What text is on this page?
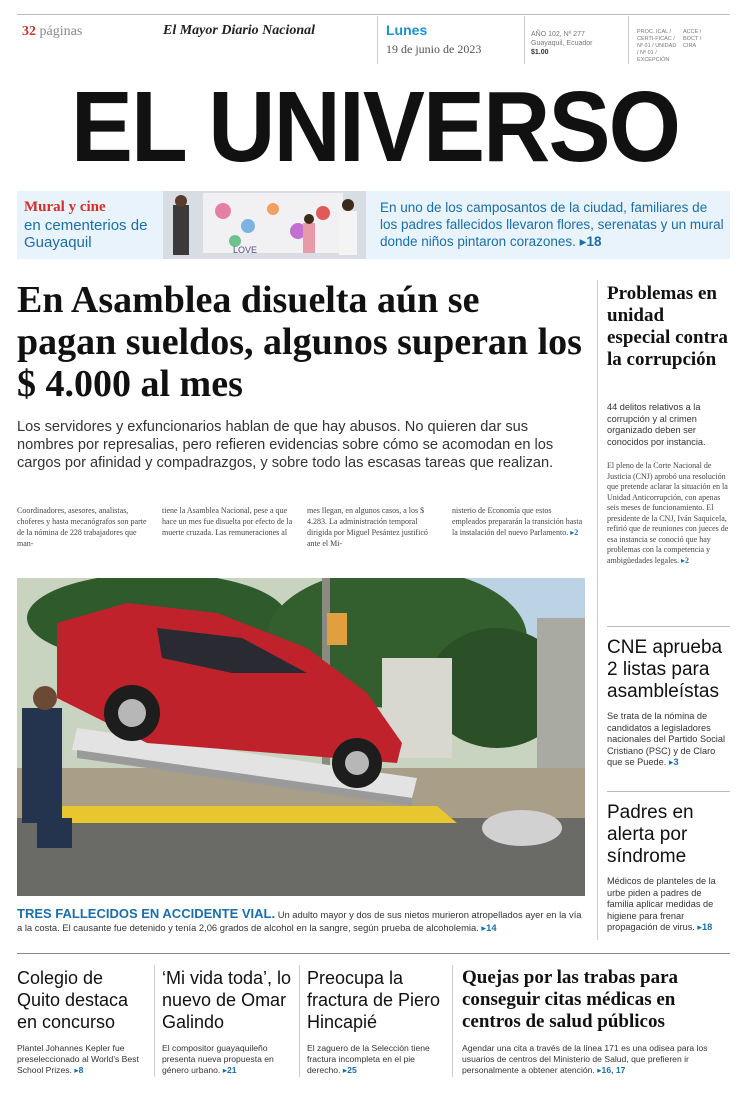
32 páginas	El Mayor Diario Nacional	Lunes
19 de junio de 2023
AÑO 102, Nº 277
Guayaquil, Ecuador
$1.00
PROC. ICAL / CERTI-FICAC / Nº 01 / UNIDAD / Nº 01 / EXCEPCIÓN
ACCE / BOCT / CIRA
EL UNIVERSO
Mural y cine
en cementerios de Guayaquil	LOVE
En uno de los camposantos de la ciudad, familiares de los padres fallecidos llevaron flores, serenatas y un mural donde niños pintaron corazones. ▸18
En Asamblea disuelta aún se pagan sueldos, algunos superan los $ 4.000 al mes
Los servidores y exfuncionarios hablan de que hay abusos. No quieren dar sus nombres por represalias, pero refieren evidencias sobre cómo se acomodan en los cargos por afinidad y compadrazgos, y sobre todo las escasas tareas que realizan.
Coordinadores, asesores, analistas, choferes y hasta mecanógrafos son parte de la nómina de 228 trabajadores que man-
tiene la Asamblea Nacional, pese a que hace un mes fue disuelta por efecto de la muerte cruzada. Las remuneraciones al
mes llegan, en algunos casos, a los $ 4.283. La administración temporal dirigida por Miguel Pesántez justificó ante el Mi-
nisterio de Economía que estos empleados prepararán la transición hasta la instalación del nuevo Parlamento. ▸2
TRES FALLECIDOS EN ACCIDENTE VIAL. Un adulto mayor y dos de sus nietos murieron atropellados ayer en la vía a la costa. El causante fue detenido y tenía 2,06 grados de alcohol en la sangre, según prueba de alcoholemia. ▸14
Problemas en unidad especial contra la corrupción
44 delitos relativos a la corrupción y al crimen organizado deben ser conocidos por instancia.
El pleno de la Corte Nacional de Justicia (CNJ) aprobó una resolución que pretende aclarar la situación en la Unidad Anticorrupción, con apenas seis meses de funcionamiento. El presidente de la CNJ, Iván Saquicela, refirió que de reuniones con jueces de esa instancia se conoció que hay problemas con la competencia y ambigüedades legales. ▸2
CNE aprueba 2 listas para asambleístas
Se trata de la nómina de candidatos a legisladores nacionales del Partido Social Cristiano (PSC) y de Claro que se Puede. ▸3
Padres en alerta por síndrome
Médicos de planteles de la urbe piden a padres de familia aplicar medidas de higiene para frenar propagación de virus. ▸18
Colegio de Quito destaca en concurso
Plantel Johannes Kepler fue preseleccionado al World's Best School Prizes. ▸8
‘Mi vida toda’, lo nuevo de Omar Galindo
El compositor guayaquileño presenta nueva propuesta en género urbano. ▸21
Preocupa la fractura de Piero Hincapié
El zaguero de la Selección tiene fractura incompleta en el pie derecho. ▸25
Quejas por las trabas para conseguir citas médicas en centros de salud públicos
Agendar una cita a través de la línea 171 es una odisea para los usuarios de centros del Ministerio de Salud, que prefieren ir personalmente a obtener atención. ▸16, 17
